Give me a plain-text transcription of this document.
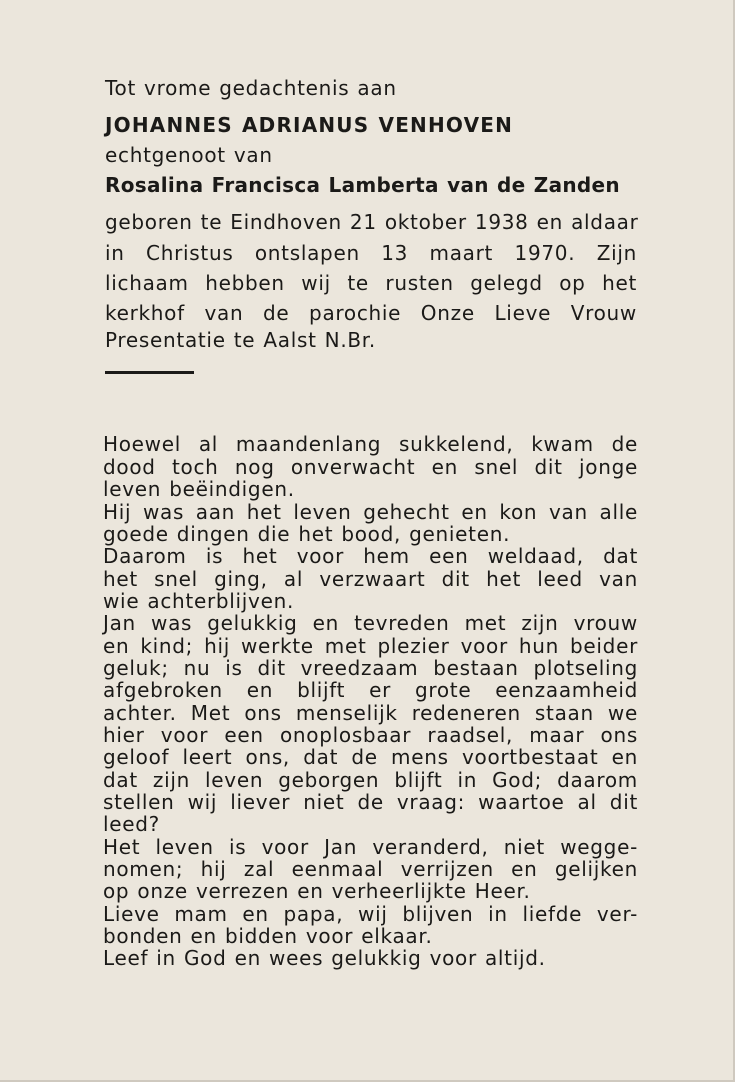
Tot vrome gedachtenis aan
JOHANNES ADRIANUS VENHOVEN
echtgenoot van
Rosalina Francisca Lamberta van de Zanden
geboren te Eindhoven 21 oktober 1938 en aldaar
in Christus ontslapen 13 maart 1970. Zijn
lichaam hebben wij te rusten gelegd op het
kerkhof van de parochie Onze Lieve Vrouw
Presentatie te Aalst N.Br.
Hoewel al maandenlang sukkelend, kwam de
dood toch nog onverwacht en snel dit jonge
leven beëindigen.
Hij was aan het leven gehecht en kon van alle
goede dingen die het bood, genieten.
Daarom is het voor hem een weldaad, dat
het snel ging, al verzwaart dit het leed van
wie achterblijven.
Jan was gelukkig en tevreden met zijn vrouw
en kind; hij werkte met plezier voor hun beider
geluk; nu is dit vreedzaam bestaan plotseling
afgebroken en blijft er grote eenzaamheid
achter. Met ons menselijk redeneren staan we
hier voor een onoplosbaar raadsel, maar ons
geloof leert ons, dat de mens voortbestaat en
dat zijn leven geborgen blijft in God; daarom
stellen wij liever niet de vraag: waartoe al dit
leed?
Het leven is voor Jan veranderd, niet wegge-
nomen; hij zal eenmaal verrijzen en gelijken
op onze verrezen en verheerlijkte Heer.
Lieve mam en papa, wij blijven in liefde ver-
bonden en bidden voor elkaar.
Leef in God en wees gelukkig voor altijd.
